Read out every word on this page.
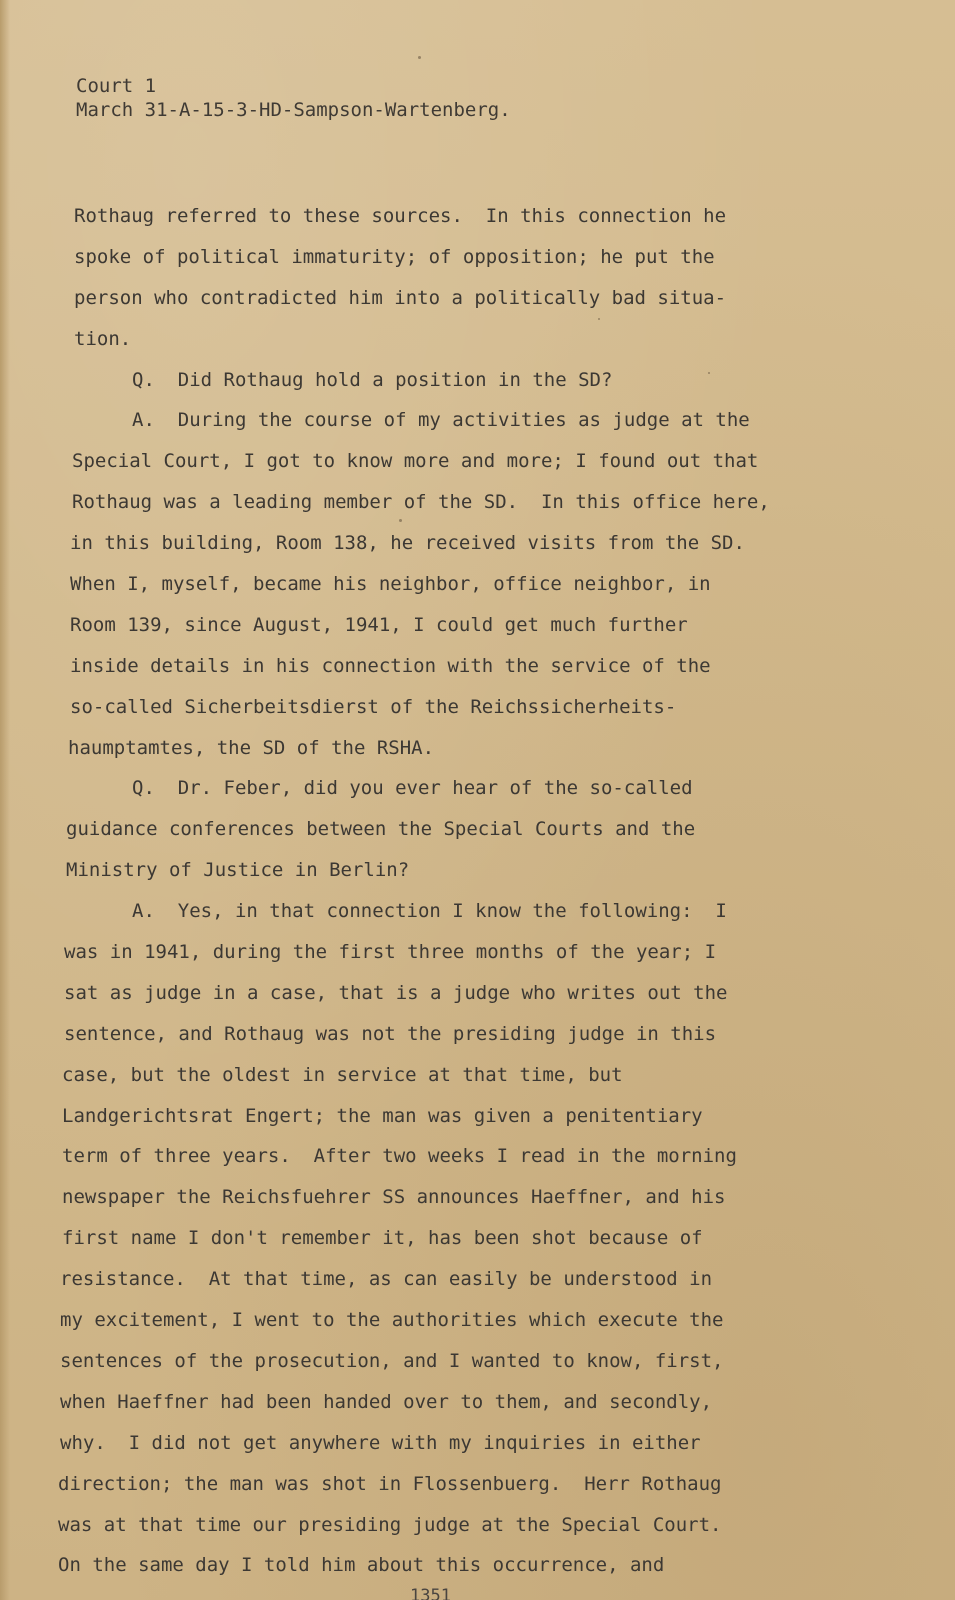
Court 1
March 31-A-15-3-HD-Sampson-Wartenberg.
Rothaug referred to these sources.  In this connection he
spoke of political immaturity; of opposition; he put the
person who contradicted him into a politically bad situa-
tion.
Q.  Did Rothaug hold a position in the SD?
A.  During the course of my activities as judge at the
Special Court, I got to know more and more; I found out that
Rothaug was a leading member of the SD.  In this office here,
in this building, Room 138, he received visits from the SD.
When I, myself, became his neighbor, office neighbor, in
Room 139, since August, 1941, I could get much further
inside details in his connection with the service of the
so-called Sicherbeitsdierst of the Reichssicherheits-
haumptamtes, the SD of the RSHA.
Q.  Dr. Feber, did you ever hear of the so-called
guidance conferences between the Special Courts and the
Ministry of Justice in Berlin?
A.  Yes, in that connection I know the following:  I
was in 1941, during the first three months of the year; I
sat as judge in a case, that is a judge who writes out the
sentence, and Rothaug was not the presiding judge in this
case, but the oldest in service at that time, but
Landgerichtsrat Engert; the man was given a penitentiary
term of three years.  After two weeks I read in the morning
newspaper the Reichsfuehrer SS announces Haeffner, and his
first name I don't remember it, has been shot because of
resistance.  At that time, as can easily be understood in
my excitement, I went to the authorities which execute the
sentences of the prosecution, and I wanted to know, first,
when Haeffner had been handed over to them, and secondly,
why.  I did not get anywhere with my inquiries in either
direction; the man was shot in Flossenbuerg.  Herr Rothaug
was at that time our presiding judge at the Special Court.
On the same day I told him about this occurrence, and
1351
